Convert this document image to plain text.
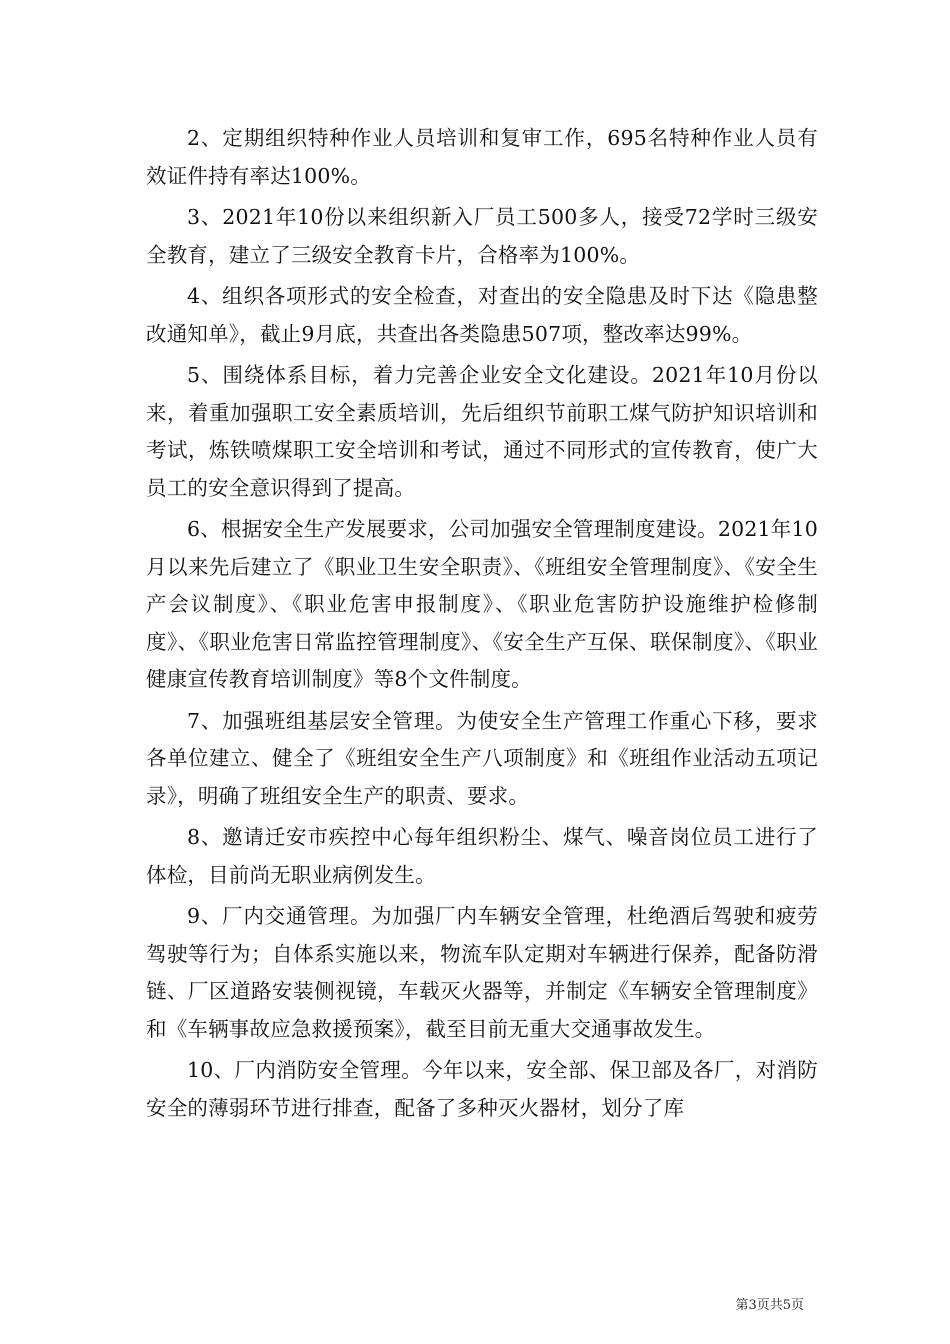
2、定期组织特种作业人员培训和复审工作，695名特种作业人员有效证件持有率达100%。

3、2021年10份以来组织新入厂员工500多人，接受72学时三级安全教育，建立了三级安全教育卡片，合格率为100%。

4、组织各项形式的安全检查，对查出的安全隐患及时下达《隐患整改通知单》，截止9月底，共查出各类隐患507项，整改率达99%。

5、围绕体系目标，着力完善企业安全文化建设。2021年10月份以来，着重加强职工安全素质培训，先后组织节前职工煤气防护知识培训和考试，炼铁喷煤职工安全培训和考试，通过不同形式的宣传教育，使广大员工的安全意识得到了提高。

6、根据安全生产发展要求，公司加强安全管理制度建设。2021年10月以来先后建立了《职业卫生安全职责》、《班组安全管理制度》、《安全生产会议制度》、《职业危害申报制度》、《职业危害防护设施维护检修制度》、《职业危害日常监控管理制度》、《安全生产互保、联保制度》、《职业健康宣传教育培训制度》等8个文件制度。

7、加强班组基层安全管理。为使安全生产管理工作重心下移，要求各单位建立、健全了《班组安全生产八项制度》和《班组作业活动五项记录》，明确了班组安全生产的职责、要求。

8、邀请迁安市疾控中心每年组织粉尘、煤气、噪音岗位员工进行了体检，目前尚无职业病例发生。

9、厂内交通管理。为加强厂内车辆安全管理，杜绝酒后驾驶和疲劳驾驶等行为；自体系实施以来，物流车队定期对车辆进行保养，配备防滑链、厂区道路安装侧视镜，车载灭火器等，并制定《车辆安全管理制度》和《车辆事故应急救援预案》，截至目前无重大交通事故发生。

10、厂内消防安全管理。今年以来，安全部、保卫部及各厂，对消防安全的薄弱环节进行排查，配备了多种灭火器材，划分了库

第3页共5页
